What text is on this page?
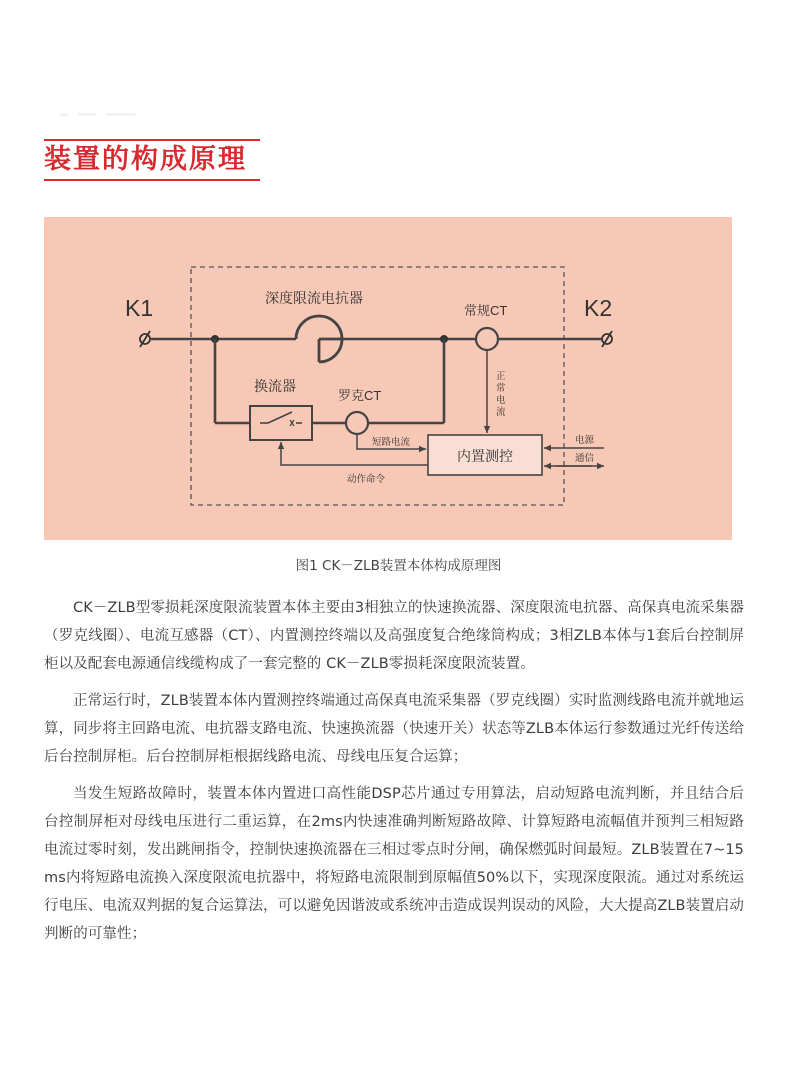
装置的构成原理
K1	K2
深度限流电抗器
常规CT
换流器
罗克CT
内置测控
正 常 电 流
短路电流
动作命令
电源
通信
图1 CK－ZLB装置本体构成原理图

CK－ZLB型零损耗深度限流装置本体主要由3相独立的快速换流器、深度限流电抗器、高保真电流采集器（罗克线圈）、电流互感器（CT）、内置测控终端以及高强度复合绝缘筒构成；3相ZLB本体与1套后台控制屏柜以及配套电源通信线缆构成了一套完整的 CK－ZLB零损耗深度限流装置。

正常运行时，ZLB装置本体内置测控终端通过高保真电流采集器（罗克线圈）实时监测线路电流并就地运算，同步将主回路电流、电抗器支路电流、快速换流器（快速开关）状态等ZLB本体运行参数通过光纤传送给后台控制屏柜。后台控制屏柜根据线路电流、母线电压复合运算；

当发生短路故障时，装置本体内置进口高性能DSP芯片通过专用算法，启动短路电流判断，并且结合后台控制屏柜对母线电压进行二重运算，在2ms内快速准确判断短路故障、计算短路电流幅值并预判三相短路电流过零时刻，发出跳闸指令，控制快速换流器在三相过零点时分闸，确保燃弧时间最短。ZLB装置在7~15 ms内将短路电流换入深度限流电抗器中，将短路电流限制到原幅值50%以下，实现深度限流。通过对系统运行电压、电流双判据的复合运算法，可以避免因谐波或系统冲击造成误判误动的风险，大大提高ZLB装置启动判断的可靠性；
